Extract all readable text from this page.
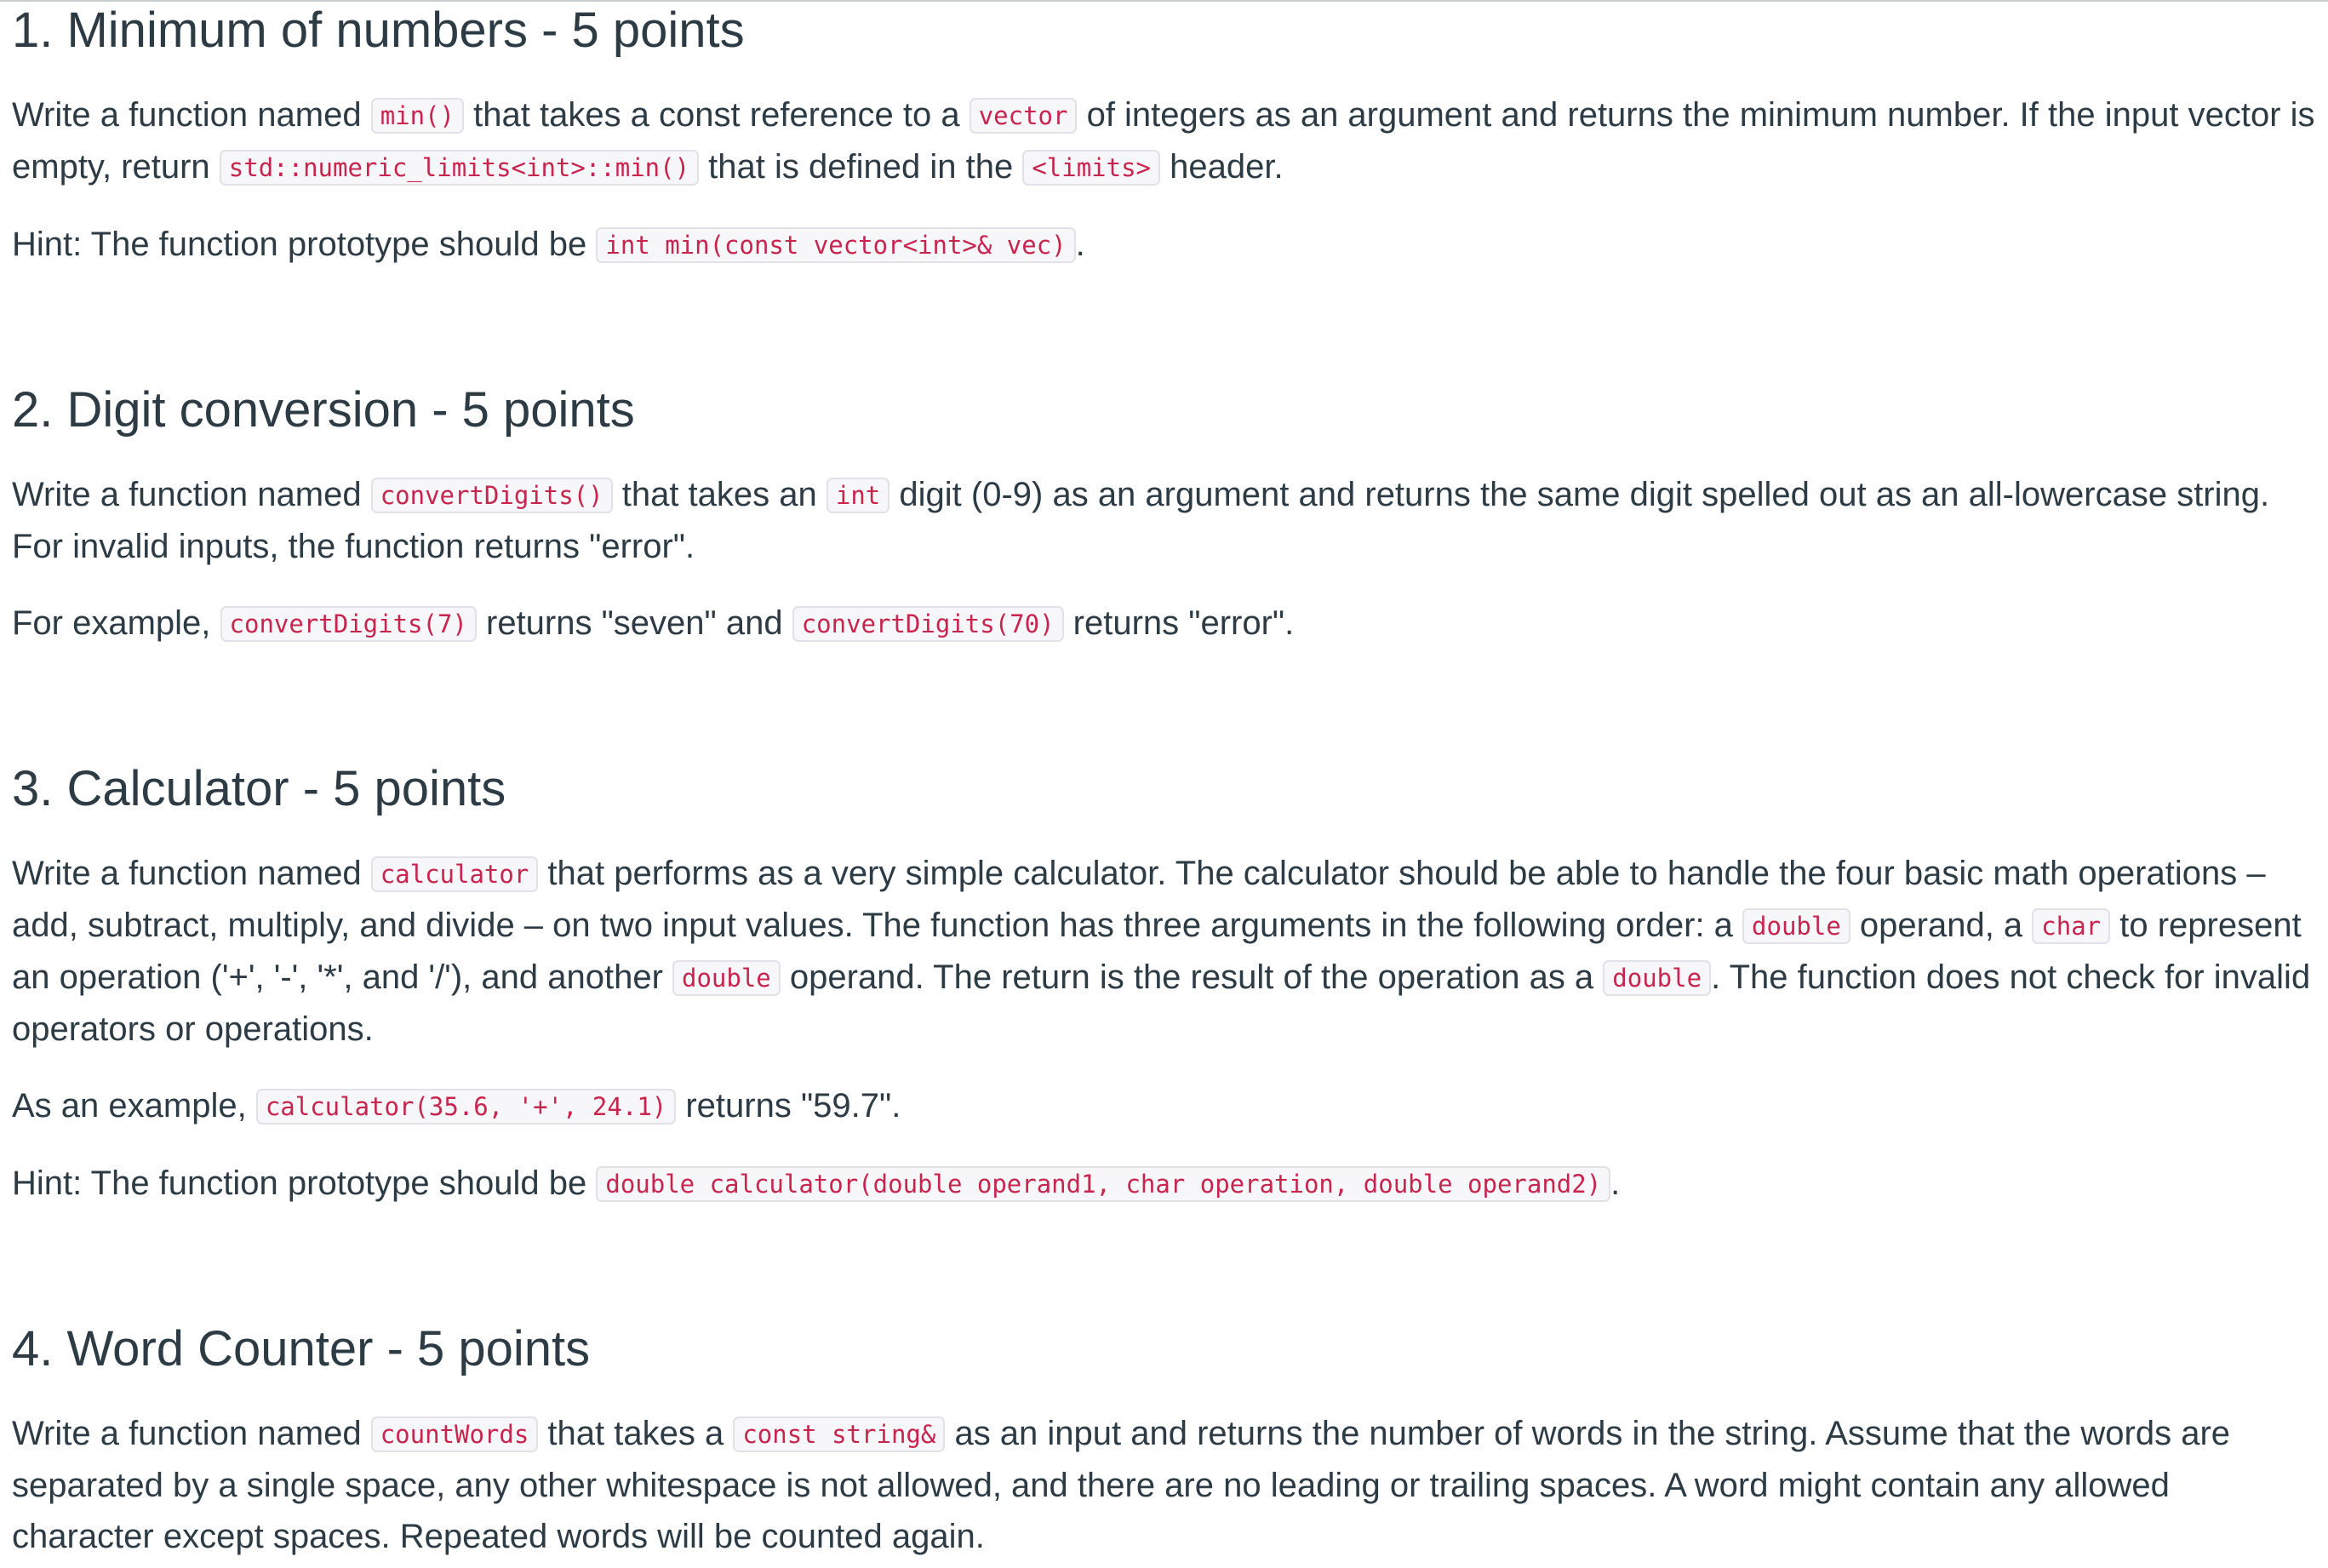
1. Minimum of numbers - 5 points

Write a function named min() that takes a const reference to a vector of integers as an argument and returns the minimum number. If the input vector is empty, return std::numeric_limits<int>::min() that is defined in the <limits> header.

Hint: The function prototype should be int min(const vector<int>& vec) .

2. Digit conversion - 5 points

Write a function named convertDigits() that takes an int digit (0-9) as an argument and returns the same digit spelled out as an all-lowercase string. For invalid inputs, the function returns "error".

For example, convertDigits(7) returns "seven" and convertDigits(70) returns "error".

3. Calculator - 5 points

Write a function named calculator that performs as a very simple calculator. The calculator should be able to handle the four basic math operations – add, subtract, multiply, and divide – on two input values. The function has three arguments in the following order: a double operand, a char to represent an operation ('+', '-', '*', and '/'), and another double operand. The return is the result of the operation as a double . The function does not check for invalid operators or operations.

As an example, calculator(35.6, '+', 24.1) returns "59.7".

Hint: The function prototype should be double calculator(double operand1, char operation, double operand2) .

4. Word Counter - 5 points

Write a function named countWords that takes a const string& as an input and returns the number of words in the string. Assume that the words are separated by a single space, any other whitespace is not allowed, and there are no leading or trailing spaces. A word might contain any allowed character except spaces. Repeated words will be counted again.
